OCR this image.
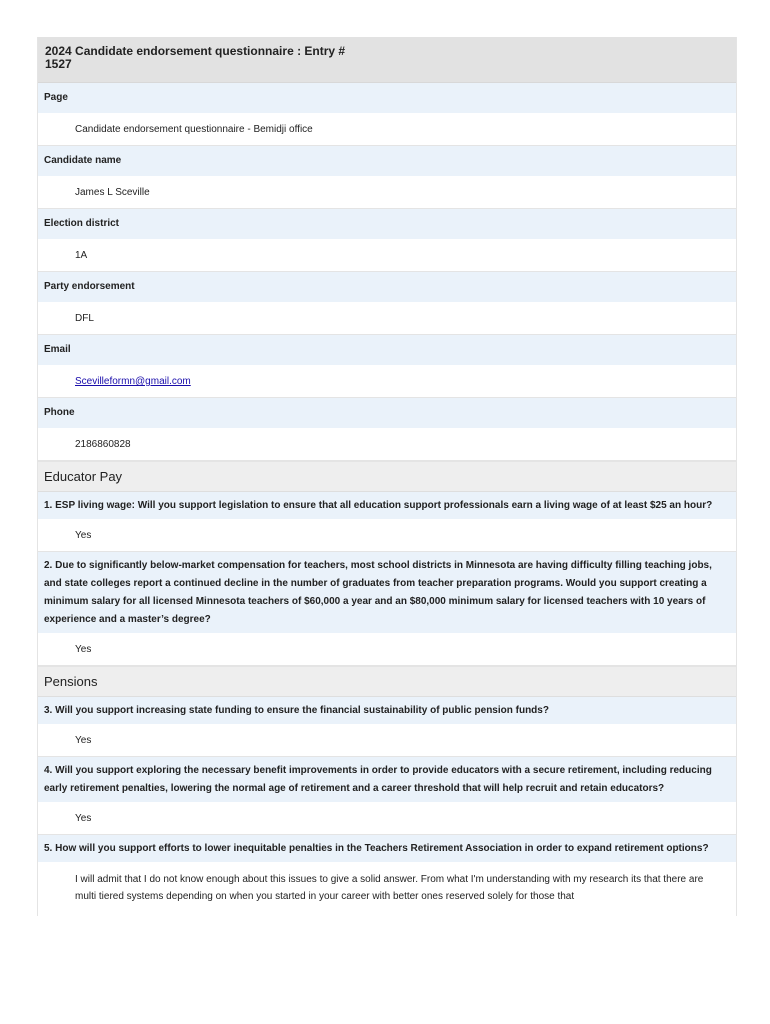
2024 Candidate endorsement questionnaire : Entry #
1527
Page
Candidate endorsement questionnaire - Bemidji office
Candidate name
James L Sceville
Election district
1A
Party endorsement
DFL
Email
Scevilleformn@gmail.com
Phone
2186860828
Educator Pay
1. ESP living wage: Will you support legislation to ensure that all education support professionals earn a living wage of at least $25 an hour?
Yes
2. Due to significantly below-market compensation for teachers, most school districts in Minnesota are having difficulty filling teaching jobs, and state colleges report a continued decline in the number of graduates from teacher preparation programs. Would you support creating a minimum salary for all licensed Minnesota teachers of $60,000 a year and an $80,000 minimum salary for licensed teachers with 10 years of experience and a master’s degree?
Yes
Pensions
3. Will you support increasing state funding to ensure the financial sustainability of public pension funds?
Yes
4. Will you support exploring the necessary benefit improvements in order to provide educators with a secure retirement, including reducing early retirement penalties, lowering the normal age of retirement and a career threshold that will help recruit and retain educators?
Yes
5. How will you support efforts to lower inequitable penalties in the Teachers Retirement Association in order to expand retirement options?
I will admit that I do not know enough about this issues to give a solid answer. From what I'm understanding with my research its that there are multi tiered systems depending on when you started in your career with better ones reserved solely for those that
